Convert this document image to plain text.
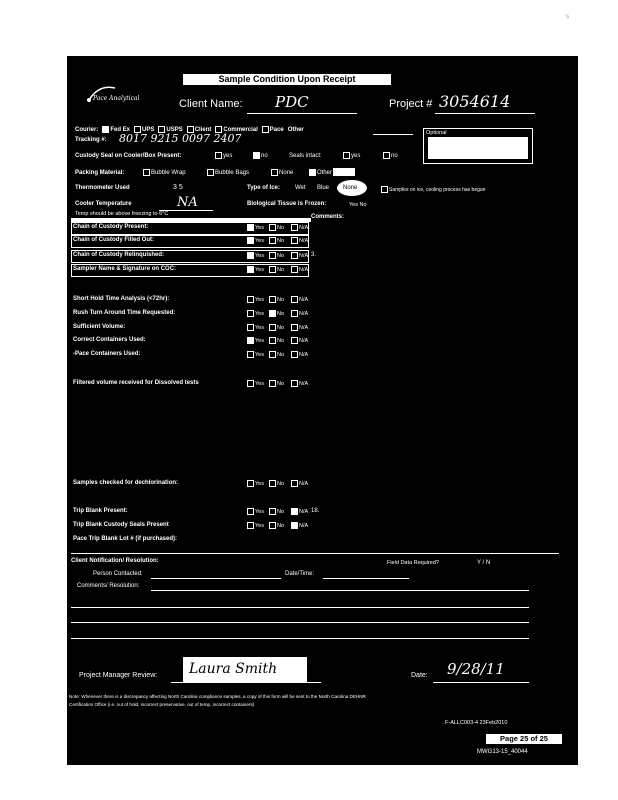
s
Sample Condition Upon Receipt
Pace Analytical	Client Name: PDC	Project # 3054614
Courier: Fed Ex UPS USPS Client Commercial Pace Other
Tracking #: 8017 9215 0097 2407	Optional
Custody Seal on Cooler/Box Present:	yes	no	Seals intact:	yes	no
Packing Material:	Bubble Wrap	Bubble Bags	None	Other
Thermometer Used	3 5	Type of Ice:	Wet Blue None	Samples on ice, cooling process has begun
Cooler Temperature	NA	Biological Tissue is Frozen:	Yes No
Temp should be above freezing to 6°C	Comments:
Client Notification/ Resolution:	Field Data Required?	Y / N
Person Contacted:	Date/Time:
Comments/ Resolution:
Project Manager Review:	Laura Smith	Date: 9/28/11
Note: Whenever there is a discrepancy affecting North Carolina compliance samples, a copy of this form will be sent to the North Carolina DEHNR
Certification Office (i.e. out of hold, incorrect preservative, out of temp, incorrect containers)
F-ALLC003-4 23Feb2010
Page 25 of 25
MWG13-15_40044
Chain of Custody Present:	Yes	No	N/A
Chain of Custody Filled Out:	Yes	No	N/A
Chain of Custody Relinquished:	Yes	No	N/A 3.
Sampler Name & Signature on COC:	Yes	No	N/A
Short Hold Time Analysis (<72hr):	Yes	No	N/A
Rush Turn Around Time Requested:	Yes	No	N/A
Sufficient Volume:	Yes	No	N/A
Correct Containers Used:	Yes	No	N/A
-Pace Containers Used:	Yes	No	N/A
Filtered volume received for Dissolved tests	Yes	No	N/A
Samples checked for dechlorination:	Yes	No	N/A
Trip Blank Present:	Yes	No	N/A 18.
Trip Blank Custody Seals Present	Yes	No	N/A
Pace Trip Blank Lot # (if purchased):
